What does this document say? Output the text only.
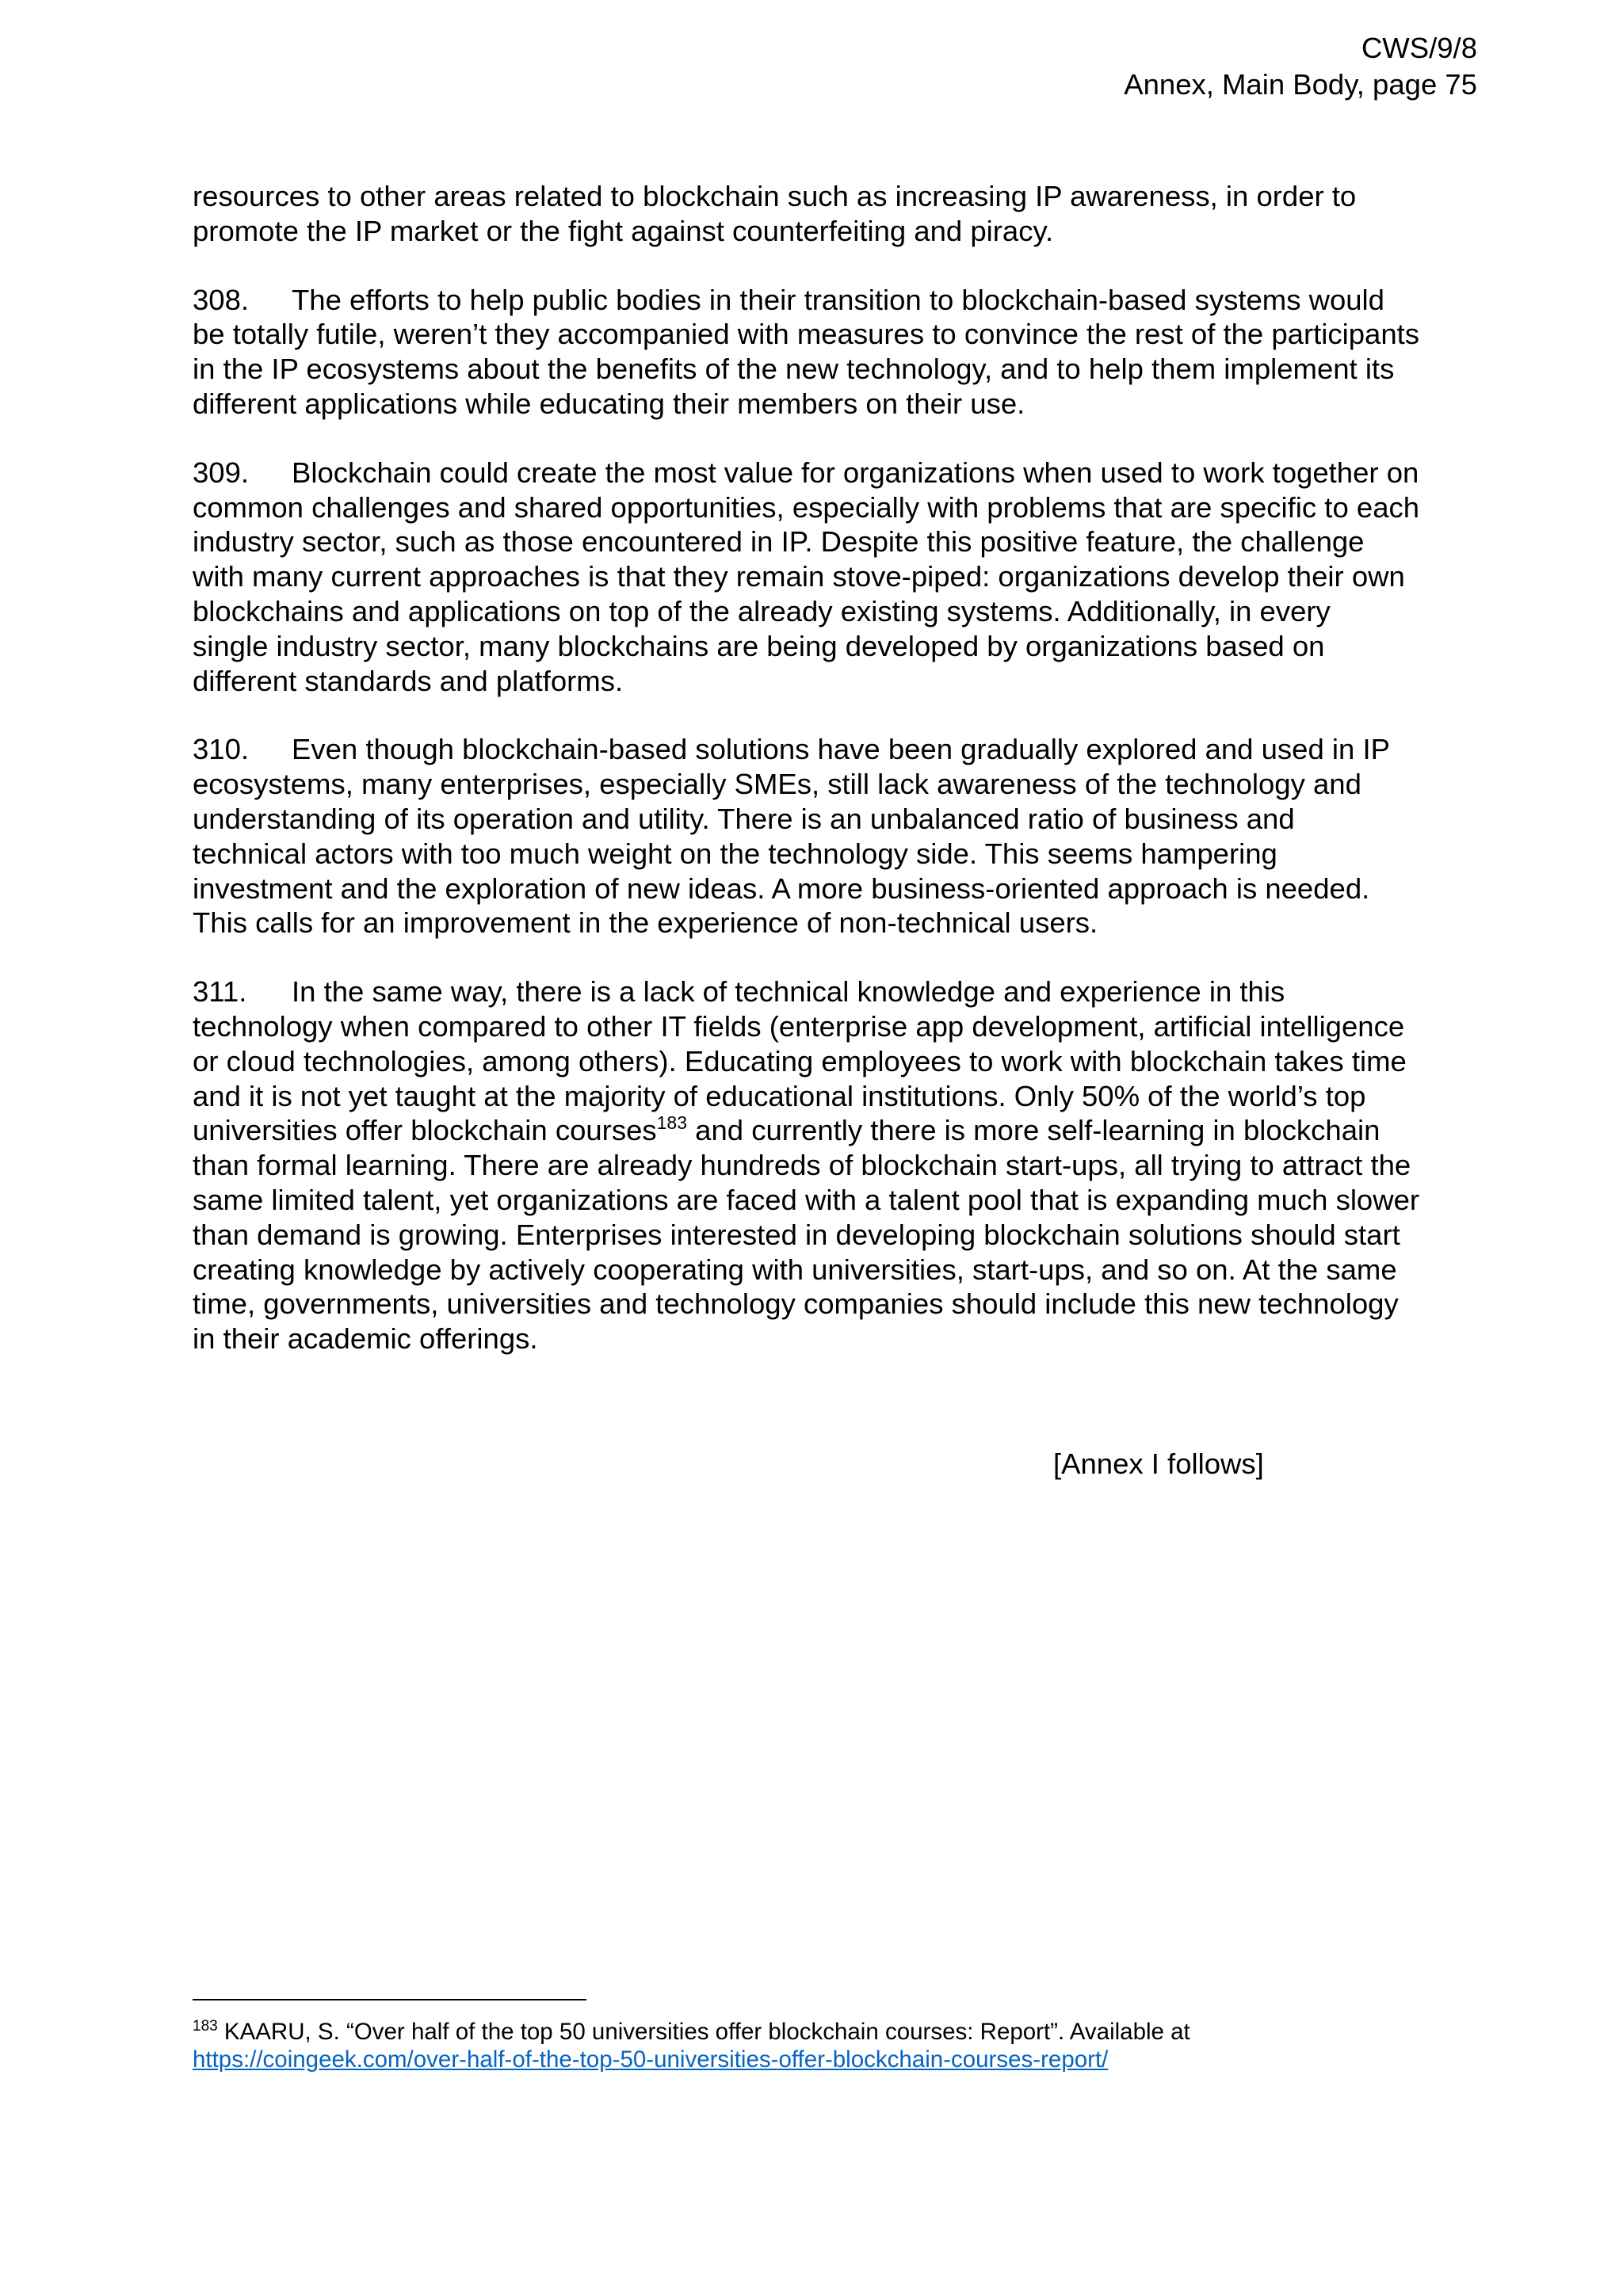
CWS/9/8
Annex, Main Body, page 75
resources to other areas related to blockchain such as increasing IP awareness, in order to
promote the IP market or the fight against counterfeiting and piracy.
308. The efforts to help public bodies in their transition to blockchain-based systems would
be totally futile, weren’t they accompanied with measures to convince the rest of the participants
in the IP ecosystems about the benefits of the new technology, and to help them implement its
different applications while educating their members on their use.
309. Blockchain could create the most value for organizations when used to work together on
common challenges and shared opportunities, especially with problems that are specific to each
industry sector, such as those encountered in IP. Despite this positive feature, the challenge
with many current approaches is that they remain stove-piped: organizations develop their own
blockchains and applications on top of the already existing systems. Additionally, in every
single industry sector, many blockchains are being developed by organizations based on
different standards and platforms.
310. Even though blockchain-based solutions have been gradually explored and used in IP
ecosystems, many enterprises, especially SMEs, still lack awareness of the technology and
understanding of its operation and utility. There is an unbalanced ratio of business and
technical actors with too much weight on the technology side. This seems hampering
investment and the exploration of new ideas. A more business-oriented approach is needed.
This calls for an improvement in the experience of non-technical users.
311. In the same way, there is a lack of technical knowledge and experience in this
technology when compared to other IT fields (enterprise app development, artificial intelligence
or cloud technologies, among others). Educating employees to work with blockchain takes time
and it is not yet taught at the majority of educational institutions. Only 50% of the world’s top
universities offer blockchain courses$^{183}$ and currently there is more self-learning in blockchain
than formal learning. There are already hundreds of blockchain start-ups, all trying to attract the
same limited talent, yet organizations are faced with a talent pool that is expanding much slower
than demand is growing. Enterprises interested in developing blockchain solutions should start
creating knowledge by actively cooperating with universities, start-ups, and so on. At the same
time, governments, universities and technology companies should include this new technology
in their academic offerings.
[Annex I follows]
$^{183}$ KAARU, S. “Over half of the top 50 universities offer blockchain courses: Report”. Available at
https://coingeek.com/over-half-of-the-top-50-universities-offer-blockchain-courses-report/
